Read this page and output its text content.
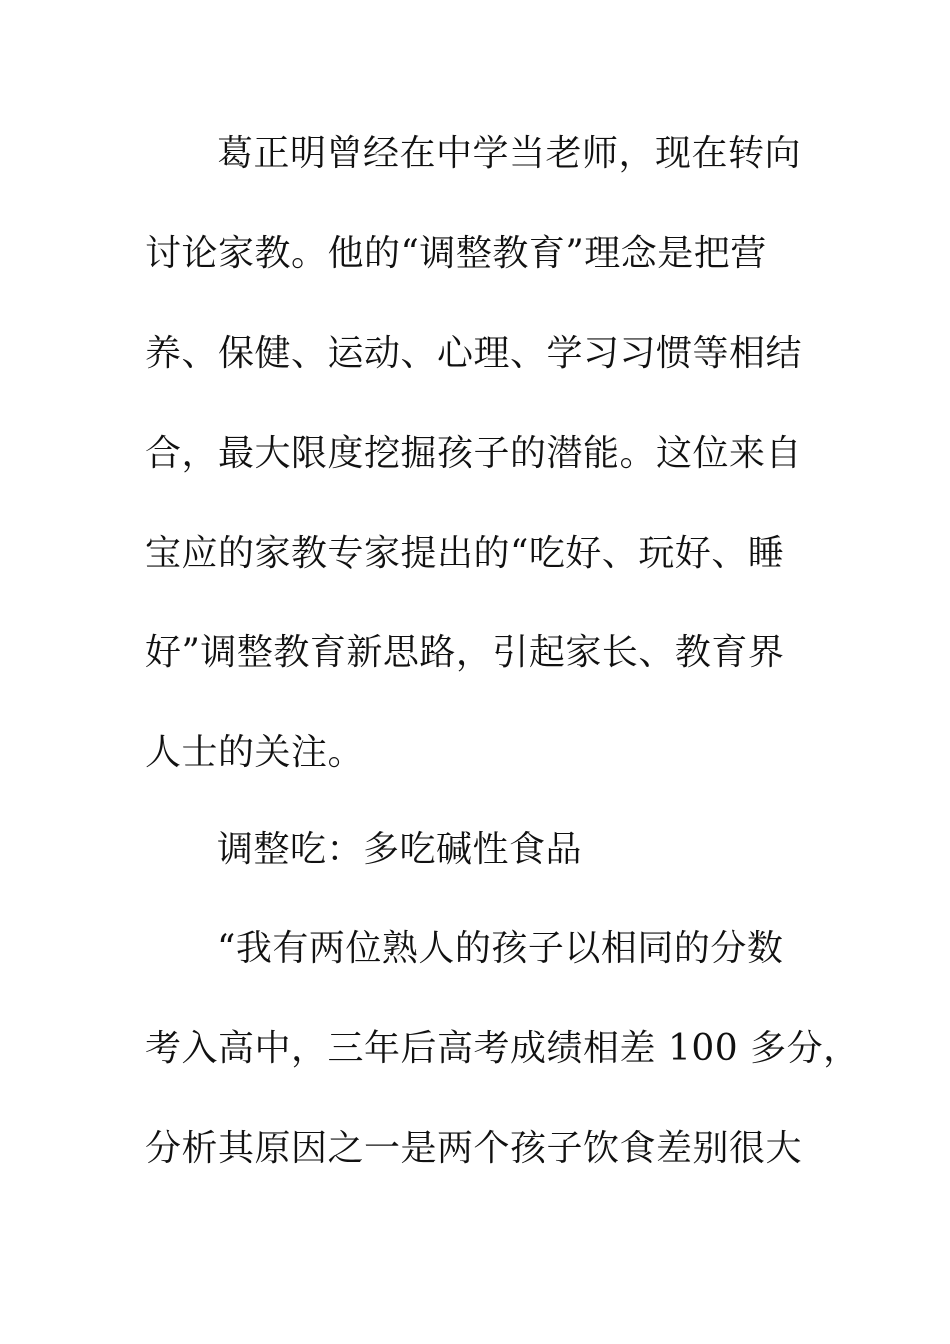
葛正明曾经在中学当老师，现在转向
讨论家教。他的“调整教育”理念是把营
养、保健、运动、心理、学习习惯等相结
合，最大限度挖掘孩子的潜能。这位来自
宝应的家教专家提出的“吃好、玩好、睡
好”调整教育新思路，引起家长、教育界
人士的关注。
调整吃：多吃碱性食品
“我有两位熟人的孩子以相同的分数
考入高中，三年后高考成绩相差 100 多分，
分析其原因之一是两个孩子饮食差别很大
